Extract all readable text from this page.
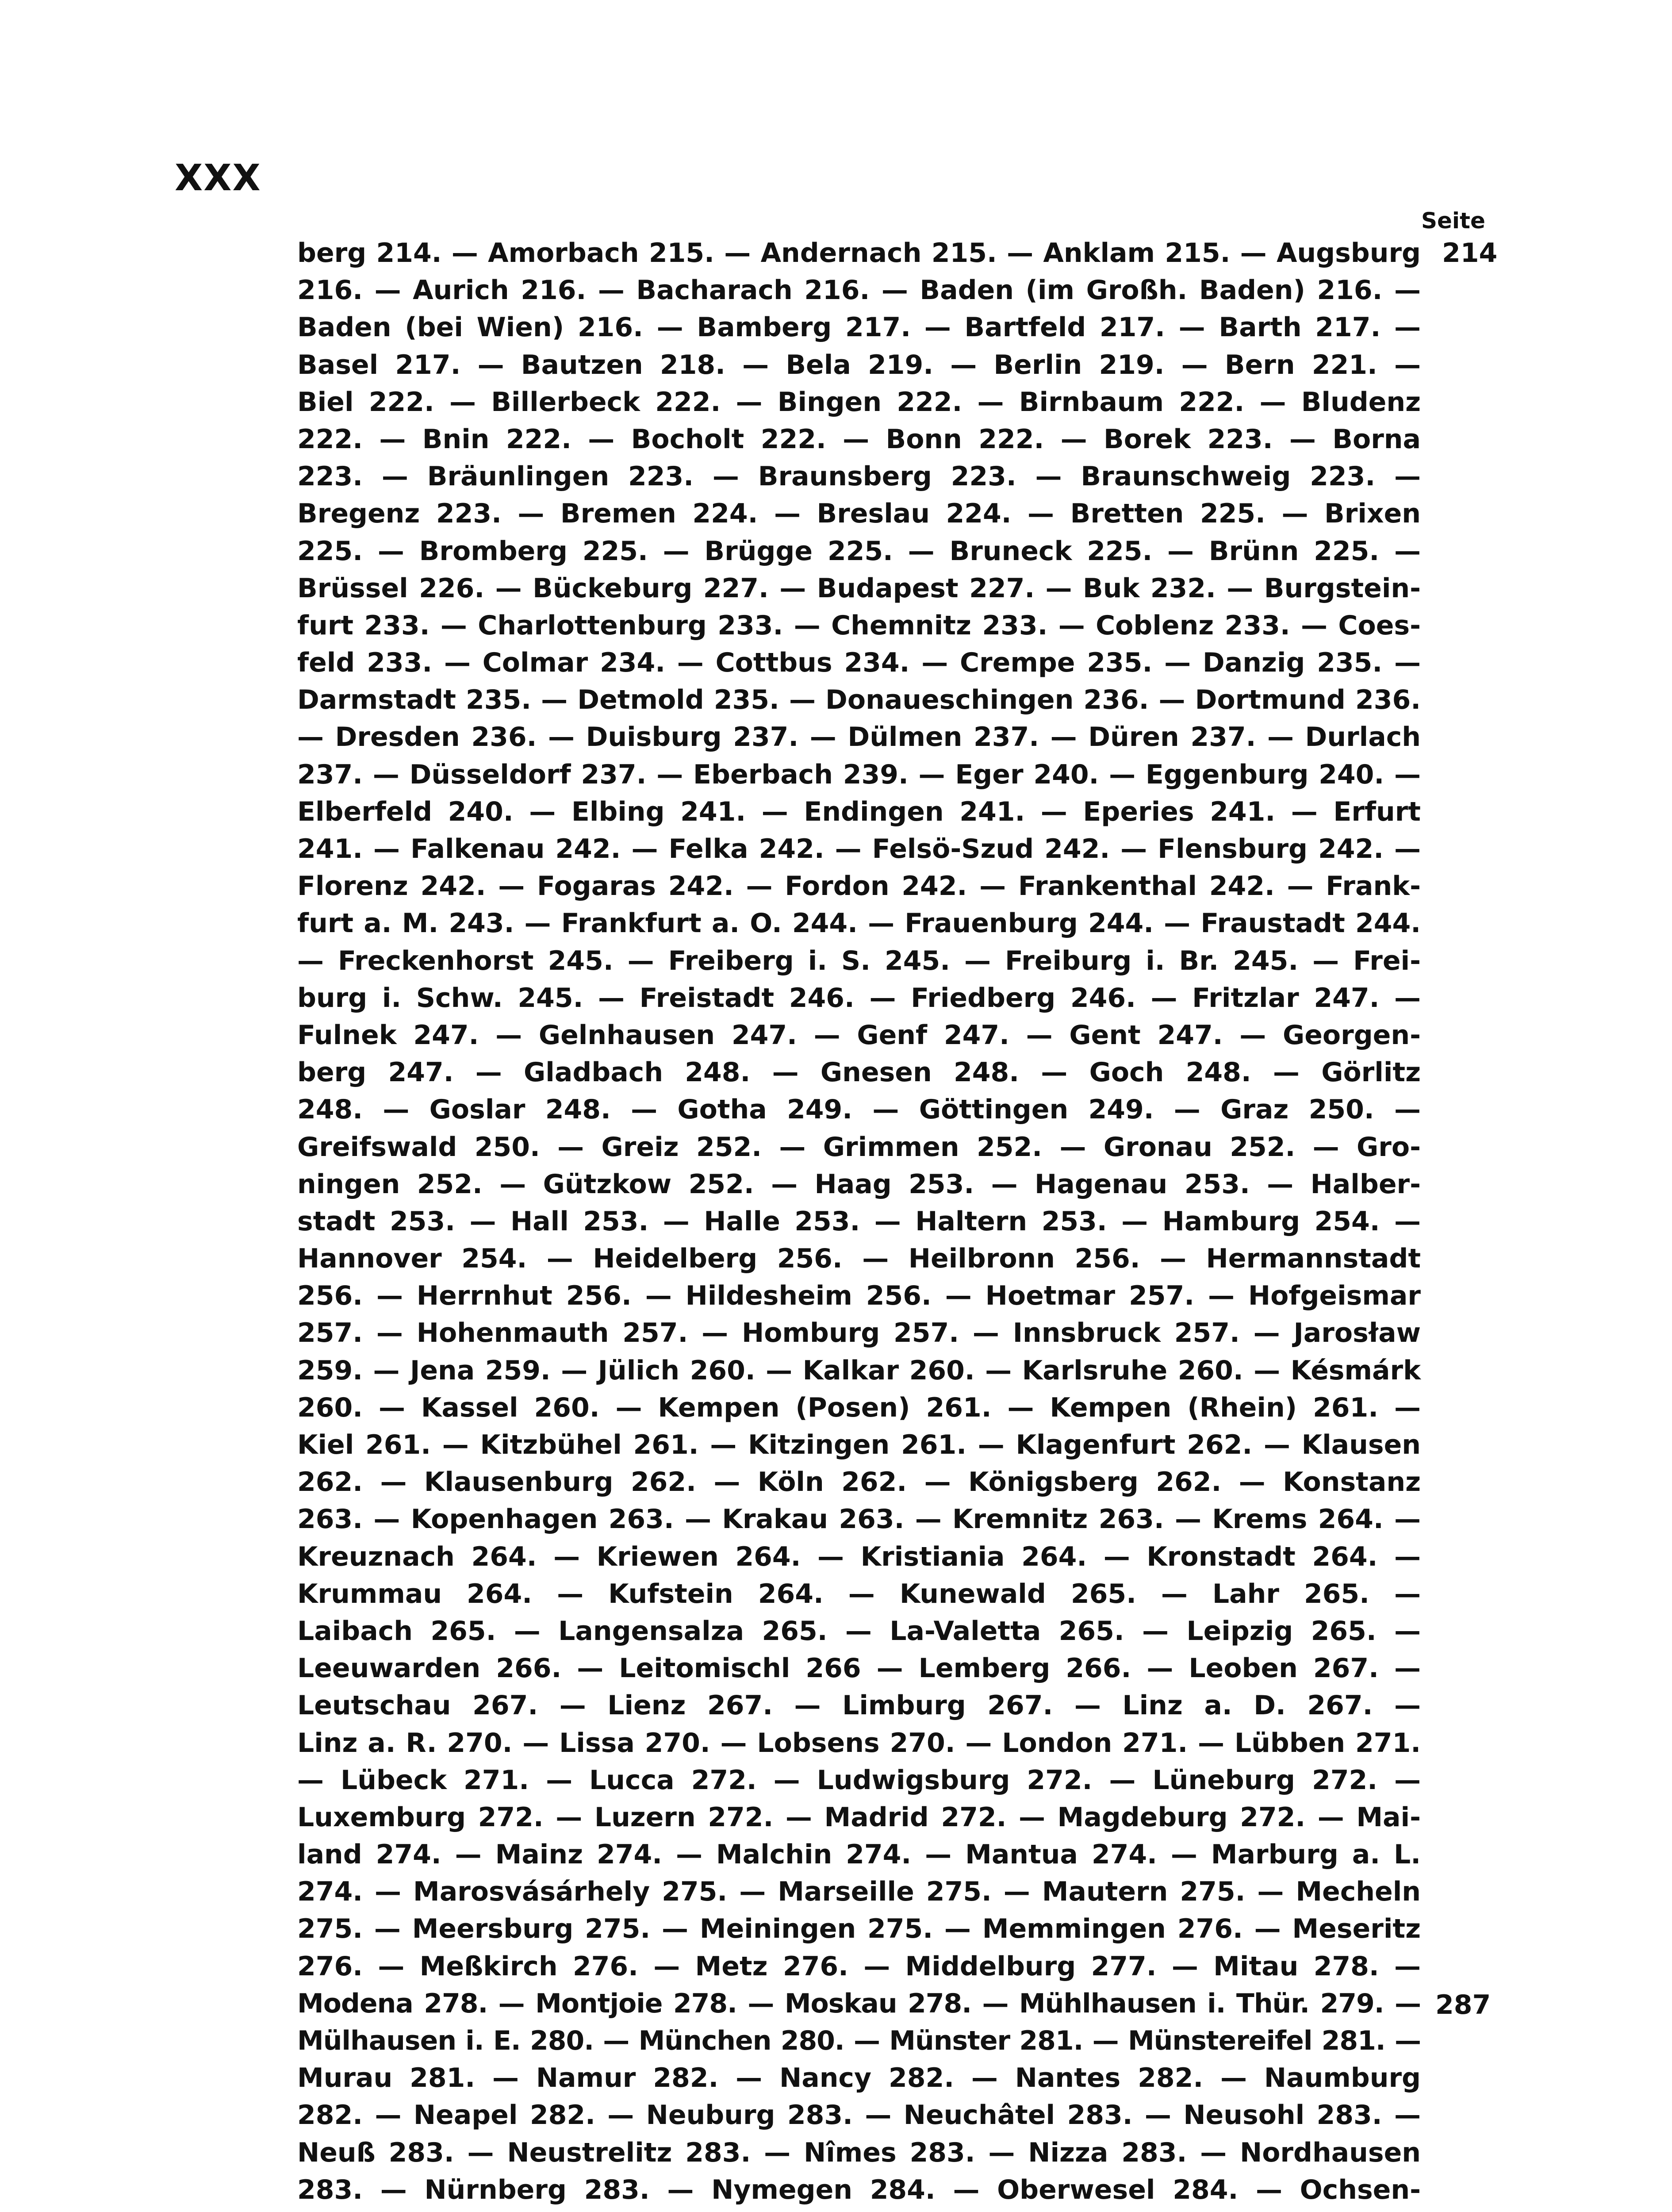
XXX
Seite
214
berg 214. — Amorbach 215. — Andernach 215. — Anklam 215. — Augsburg
216. — Aurich 216. — Bacharach 216. — Baden (im Großh. Baden) 216. —
Baden (bei Wien) 216. — Bamberg 217. — Bartfeld 217. — Barth 217. —
Basel 217. — Bautzen 218. — Bela 219. — Berlin 219. — Bern 221. —
Biel 222. — Billerbeck 222. — Bingen 222. — Birnbaum 222. — Bludenz
222. — Bnin 222. — Bocholt 222. — Bonn 222. — Borek 223. — Borna
223. — Bräunlingen 223. — Braunsberg 223. — Braunschweig 223. —
Bregenz 223. — Bremen 224. — Breslau 224. — Bretten 225. — Brixen
225. — Bromberg 225. — Brügge 225. — Bruneck 225. — Brünn 225. —
Brüssel 226. — Bückeburg 227. — Budapest 227. — Buk 232. — Burgstein-
furt 233. — Charlottenburg 233. — Chemnitz 233. — Coblenz 233. — Coes-
feld 233. — Colmar 234. — Cottbus 234. — Crempe 235. — Danzig 235. —
Darmstadt 235. — Detmold 235. — Donaueschingen 236. — Dortmund 236.
— Dresden 236. — Duisburg 237. — Dülmen 237. — Düren 237. — Durlach
237. — Düsseldorf 237. — Eberbach 239. — Eger 240. — Eggenburg 240. —
Elberfeld 240. — Elbing 241. — Endingen 241. — Eperies 241. — Erfurt
241. — Falkenau 242. — Felka 242. — Felsö-Szud 242. — Flensburg 242. —
Florenz 242. — Fogaras 242. — Fordon 242. — Frankenthal 242. — Frank-
furt a. M. 243. — Frankfurt a. O. 244. — Frauenburg 244. — Fraustadt 244.
— Freckenhorst 245. — Freiberg i. S. 245. — Freiburg i. Br. 245. — Frei-
burg i. Schw. 245. — Freistadt 246. — Friedberg 246. — Fritzlar 247. —
Fulnek 247. — Gelnhausen 247. — Genf 247. — Gent 247. — Georgen-
berg 247. — Gladbach 248. — Gnesen 248. — Goch 248. — Görlitz
248. — Goslar 248. — Gotha 249. — Göttingen 249. — Graz 250. —
Greifswald 250. — Greiz 252. — Grimmen 252. — Gronau 252. — Gro-
ningen 252. — Gützkow 252. — Haag 253. — Hagenau 253. — Halber-
stadt 253. — Hall 253. — Halle 253. — Haltern 253. — Hamburg 254. —
Hannover 254. — Heidelberg 256. — Heilbronn 256. — Hermannstadt
256. — Herrnhut 256. — Hildesheim 256. — Hoetmar 257. — Hofgeismar
257. — Hohenmauth 257. — Homburg 257. — Innsbruck 257. — Jarosław
259. — Jena 259. — Jülich 260. — Kalkar 260. — Karlsruhe 260. — Késmárk
260. — Kassel 260. — Kempen (Posen) 261. — Kempen (Rhein) 261. —
Kiel 261. — Kitzbühel 261. — Kitzingen 261. — Klagenfurt 262. — Klausen
262. — Klausenburg 262. — Köln 262. — Königsberg 262. — Konstanz
263. — Kopenhagen 263. — Krakau 263. — Kremnitz 263. — Krems 264. —
Kreuznach 264. — Kriewen 264. — Kristiania 264. — Kronstadt 264. —
Krummau 264. — Kufstein 264. — Kunewald 265. — Lahr 265. —
Laibach 265. — Langensalza 265. — La-Valetta 265. — Leipzig 265. —
Leeuwarden 266. — Leitomischl 266 — Lemberg 266. — Leoben 267. —
Leutschau 267. — Lienz 267. — Limburg 267. — Linz a. D. 267. —
Linz a. R. 270. — Lissa 270. — Lobsens 270. — London 271. — Lübben 271.
— Lübeck 271. — Lucca 272. — Ludwigsburg 272. — Lüneburg 272. —
Luxemburg 272. — Luzern 272. — Madrid 272. — Magdeburg 272. — Mai-
land 274. — Mainz 274. — Malchin 274. — Mantua 274. — Marburg a. L.
274. — Marosvásárhely 275. — Marseille 275. — Mautern 275. — Mecheln
275. — Meersburg 275. — Meiningen 275. — Memmingen 276. — Meseritz
276. — Meßkirch 276. — Metz 276. — Middelburg 277. — Mitau 278. —
Modena 278. — Montjoie 278. — Moskau 278. — Mühlhausen i. Thür. 279. —
Mülhausen i. E. 280. — München 280. — Münster 281. — Münstereifel 281. —
Murau 281. — Namur 282. — Nancy 282. — Nantes 282. — Naumburg
282. — Neapel 282. — Neuburg 283. — Neuchâtel 283. — Neusohl 283. —
Neuß 283. — Neustrelitz 283. — Nîmes 283. — Nizza 283. — Nordhausen
283. — Nürnberg 283. — Nymegen 284. — Oberwesel 284. — Ochsen-
287
